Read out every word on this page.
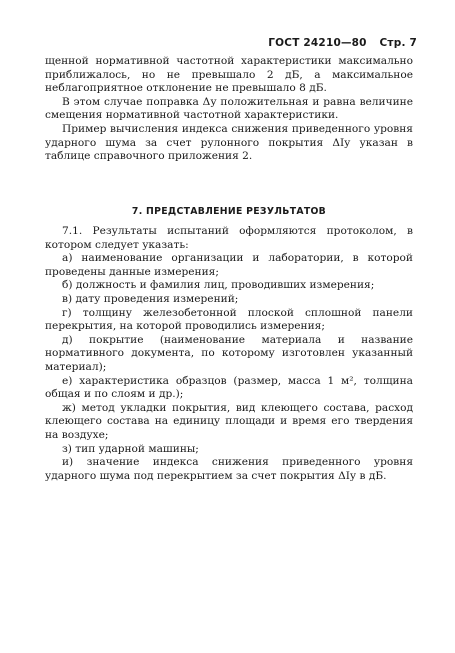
ГОСТ 24210—80 Стр. 7

щенной нормативной частотной характеристики максимально приближалось, но не превышало 2 дБ, а максимальное неблагоприятное отклонение не превышало 8 дБ.

В этом случае поправка Δу положительная и равна величине смещения нормативной частотной характеристики.

Пример вычисления индекса снижения приведенного уровня ударного шума за счет рулонного покрытия ΔIу указан в таблице справочного приложения 2.

7. ПРЕДСТАВЛЕНИЕ РЕЗУЛЬТАТОВ

7.1. Результаты испытаний оформляются протоколом, в котором следует указать:

а) наименование организации и лаборатории, в которой проведены данные измерения;

б) должность и фамилия лиц, проводивших измерения;

в) дату проведения измерений;

г) толщину железобетонной плоской сплошной панели перекрытия, на которой проводились измерения;

д) покрытие (наименование материала и название нормативного документа, по которому изготовлен указанный материал);

е) характеристика образцов (размер, масса 1 м², толщина общая и по слоям и др.);

ж) метод укладки покрытия, вид клеющего состава, расход клеющего состава на единицу площади и время его твердения на воздухе;

з) тип ударной машины;

и) значение индекса снижения приведенного уровня ударного шума под перекрытием за счет покрытия ΔIу в дБ.
